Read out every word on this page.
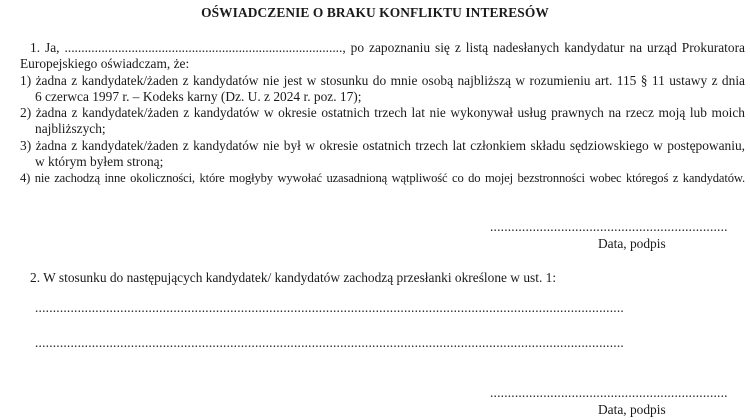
OŚWIADCZENIE O BRAKU KONFLIKTU INTERESÓW
1. Ja, ..................................................................................., po zapoznaniu się z listą nadesłanych kandydatur na urząd Prokuratora
Europejskiego oświadczam, że:
1) żadna z kandydatek/żaden z kandydatów nie jest w stosunku do mnie osobą najbliższą w rozumieniu art. 115 § 11 ustawy z dnia
6 czerwca 1997 r. – Kodeks karny (Dz. U. z 2024 r. poz. 17);
2) żadna z kandydatek/żaden z kandydatów w okresie ostatnich trzech lat nie wykonywał usług prawnych na rzecz moją lub moich
najbliższych;
3) żadna z kandydatek/żaden z kandydatów nie był w okresie ostatnich trzech lat członkiem składu sędziowskiego w postępowaniu,
w którym byłem stroną;
4) nie zachodzą inne okoliczności, które mogłyby wywołać uzasadnioną wątpliwość co do mojej bezstronności wobec któregoś z kandydatów.
...................................................................
Data, podpis
2. W stosunku do następujących kandydatek/ kandydatów zachodzą przesłanki określone w ust. 1:
......................................................................................................................................................................
......................................................................................................................................................................
...................................................................
Data, podpis
